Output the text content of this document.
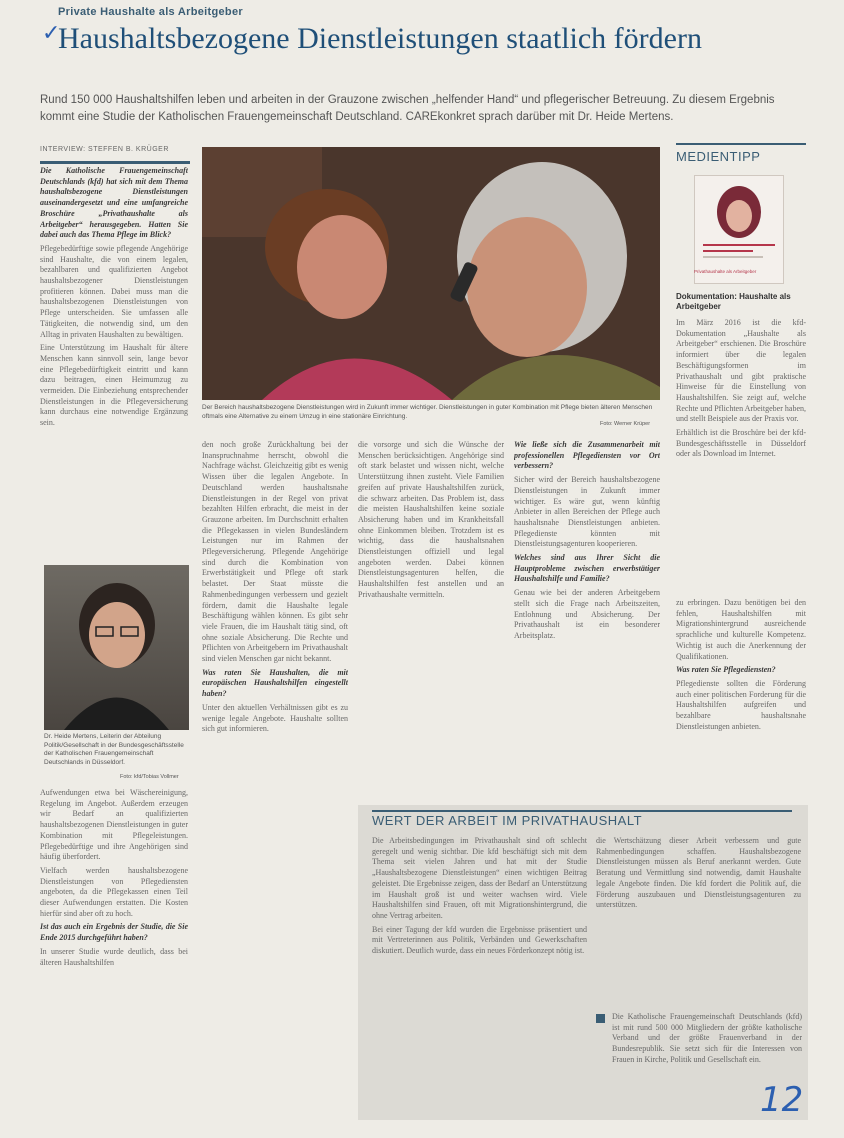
Private Haushalte als Arbeitgeber
✓
Haushaltsbezogene Dienstleistungen staatlich fördern
Rund 150 000 Haushaltshilfen leben und arbeiten in der Grauzone zwischen „helfender Hand“ und pflegerischer Betreuung. Zu diesem Ergebnis kommt eine Studie der Katholischen Frauengemeinschaft Deutschland. CAREkonkret sprach darüber mit Dr. Heide Mertens.
INTERVIEW: STEFFEN B. KRÜGER

Die Katholische Frauengemeinschaft Deutschlands (kfd) hat sich mit dem Thema haushaltsbezogene Dienstleistungen auseinandergesetzt und eine umfangreiche Broschüre „Privathaushalte als Arbeitgeber“ herausgegeben. Hatten Sie dabei auch das Thema Pflege im Blick?

Pflegebedürftige sowie pflegende Angehörige sind Haushalte, die von einem legalen, bezahlbaren und qualifizierten Angebot haushaltsbezogener Dienstleistungen profitieren können. Dabei muss man die haushaltsbezogenen Dienstleistungen von Pflege unterscheiden. Sie umfassen alle Tätigkeiten, die notwendig sind, um den Alltag in privaten Haushalten zu bewältigen.

Eine Unterstützung im Haushalt für ältere Menschen kann sinnvoll sein, lange bevor eine Pflegebedürftigkeit eintritt und kann dazu beitragen, einen Heimumzug zu vermeiden. Die Einbeziehung entsprechender Dienstleistungen in die Pflegeversicherung kann durchaus eine notwendige Ergänzung sein.

Dr. Heide Mertens, Leiterin der Abteilung Politik/Gesellschaft in der Bundesgeschäftsstelle der Katholischen Frauengemeinschaft Deutschlands in Düsseldorf.
Foto: kfd/Tobias Vollmer

Aufwendungen etwa bei Wäschereinigung, Regelung im Angebot. Außerdem erzeugen wir Bedarf an qualifizierten haushaltsbezogenen Dienstleistungen in guter Kombination mit Pflegeleistungen. Pflegebedürftige und ihre Angehörigen sind häufig überfordert.

Vielfach werden haushaltsbezogene Dienstleistungen von Pflegediensten angeboten, da die Pflegekassen einen Teil dieser Aufwendungen erstatten. Die Kosten hierfür sind aber oft zu hoch.

Ist das auch ein Ergebnis der Studie, die Sie Ende 2015 durchgeführt haben?

In unserer Studie wurde deutlich, dass bei älteren Haushaltshilfen

Der Bereich haushaltsbezogene Dienstleistungen wird in Zukunft immer wichtiger. Dienstleistungen in guter Kombination mit Pflege bieten älteren Menschen oftmals eine Alternative zu einem Umzug in eine stationäre Einrichtung.
Foto: Werner Krüper

den noch große Zurückhaltung bei der Inanspruchnahme herrscht, obwohl die Nachfrage wächst. Gleichzeitig gibt es wenig Wissen über die legalen Angebote. In Deutschland werden haushaltsnahe Dienstleistungen in der Regel von privat bezahlten Hilfen erbracht, die meist in der Grauzone arbeiten. Im Durchschnitt erhalten die Pflegekassen in vielen Bundesländern Leistungen nur im Rahmen der Pflegeversicherung. Pflegende Angehörige sind durch die Kombination von Erwerbstätigkeit und Pflege oft stark belastet. Der Staat müsste die Rahmenbedingungen verbessern und gezielt fördern, damit die Haushalte legale Beschäftigung wählen können. Es gibt sehr viele Frauen, die im Haushalt tätig sind, oft ohne soziale Absicherung. Die Rechte und Pflichten von Arbeitgebern im Privathaushalt sind vielen Menschen gar nicht bekannt.

Was raten Sie Haushalten, die mit europäischen Haushaltshilfen eingestellt haben?

Unter den aktuellen Verhältnissen gibt es zu wenige legale Angebote. Haushalte sollten sich gut informieren.

die vorsorge und sich die Wünsche der Menschen berücksichtigen. Angehörige sind oft stark belastet und wissen nicht, welche Unterstützung ihnen zusteht. Viele Familien greifen auf private Haushaltshilfen zurück, die schwarz arbeiten. Das Problem ist, dass die meisten Haushaltshilfen keine soziale Absicherung haben und im Krankheitsfall ohne Einkommen bleiben. Trotzdem ist es wichtig, dass die haushaltsnahen Dienstleistungen offiziell und legal angeboten werden. Dabei können Dienstleistungsagenturen helfen, die Haushaltshilfen fest anstellen und an Privathaushalte vermitteln.

Wie ließe sich die Zusammenarbeit mit professionellen Pflegediensten vor Ort verbessern?

Sicher wird der Bereich haushaltsbezogene Dienstleistungen in Zukunft immer wichtiger. Es wäre gut, wenn künftig Anbieter in allen Bereichen der Pflege auch haushaltsnahe Dienstleistungen anbieten. Pflegedienste könnten mit Dienstleistungsagenturen kooperieren.

Welches sind aus Ihrer Sicht die Hauptprobleme zwischen erwerbstätiger Haushaltshilfe und Familie?

Genau wie bei der anderen Arbeitgebern stellt sich die Frage nach Arbeitszeiten, Entlohnung und Absicherung. Der Privathaushalt ist ein besonderer Arbeitsplatz.

zu erbringen. Dazu benötigen bei den fehlen, Haushaltshilfen mit Migrationshintergrund ausreichende sprachliche und kulturelle Kompetenz. Wichtig ist auch die Anerkennung der Qualifikationen.

Was raten Sie Pflegediensten?

Pflegedienste sollten die Förderung auch einer politischen Forderung für die Haushaltshilfen aufgreifen und bezahlbare haushaltsnahe Dienstleistungen anbieten.

MEDIENTIPP
Privathaushalte als Arbeitgeber
Dokumentation: Haushalte als Arbeitgeber

Im März 2016 ist die kfd-Dokumentation „Haushalte als Arbeitgeber“ erschienen. Die Broschüre informiert über die legalen Beschäftigungsformen im Privathaushalt und gibt praktische Hinweise für die Einstellung von Haushaltshilfen. Sie zeigt auf, welche Rechte und Pflichten Arbeitgeber haben, und stellt Beispiele aus der Praxis vor.

Erhältlich ist die Broschüre bei der kfd-Bundesgeschäftsstelle in Düsseldorf oder als Download im Internet.

WERT DER ARBEIT IM PRIVATHAUSHALT

Die Arbeitsbedingungen im Privathaushalt sind oft schlecht geregelt und wenig sichtbar. Die kfd beschäftigt sich mit dem Thema seit vielen Jahren und hat mit der Studie „Haushaltsbezogene Dienstleistungen“ einen wichtigen Beitrag geleistet. Die Ergebnisse zeigen, dass der Bedarf an Unterstützung im Haushalt groß ist und weiter wachsen wird. Viele Haushaltshilfen sind Frauen, oft mit Migrationshintergrund, die ohne Vertrag arbeiten.

Bei einer Tagung der kfd wurden die Ergebnisse präsentiert und mit Vertreterinnen aus Politik, Verbänden und Gewerkschaften diskutiert. Deutlich wurde, dass ein neues Förderkonzept nötig ist.

die Wertschätzung dieser Arbeit verbessern und gute Rahmenbedingungen schaffen. Haushaltsbezogene Dienstleistungen müssen als Beruf anerkannt werden. Gute Beratung und Vermittlung sind notwendig, damit Haushalte legale Angebote finden. Die kfd fordert die Politik auf, die Förderung auszubauen und Dienstleistungsagenturen zu unterstützen.

Die Katholische Frauengemeinschaft Deutschlands (kfd) ist mit rund 500 000 Mitgliedern der größte katholische Verband und der größte Frauenverband in der Bundesrepublik. Sie setzt sich für die Interessen von Frauen in Kirche, Politik und Gesellschaft ein.

12
